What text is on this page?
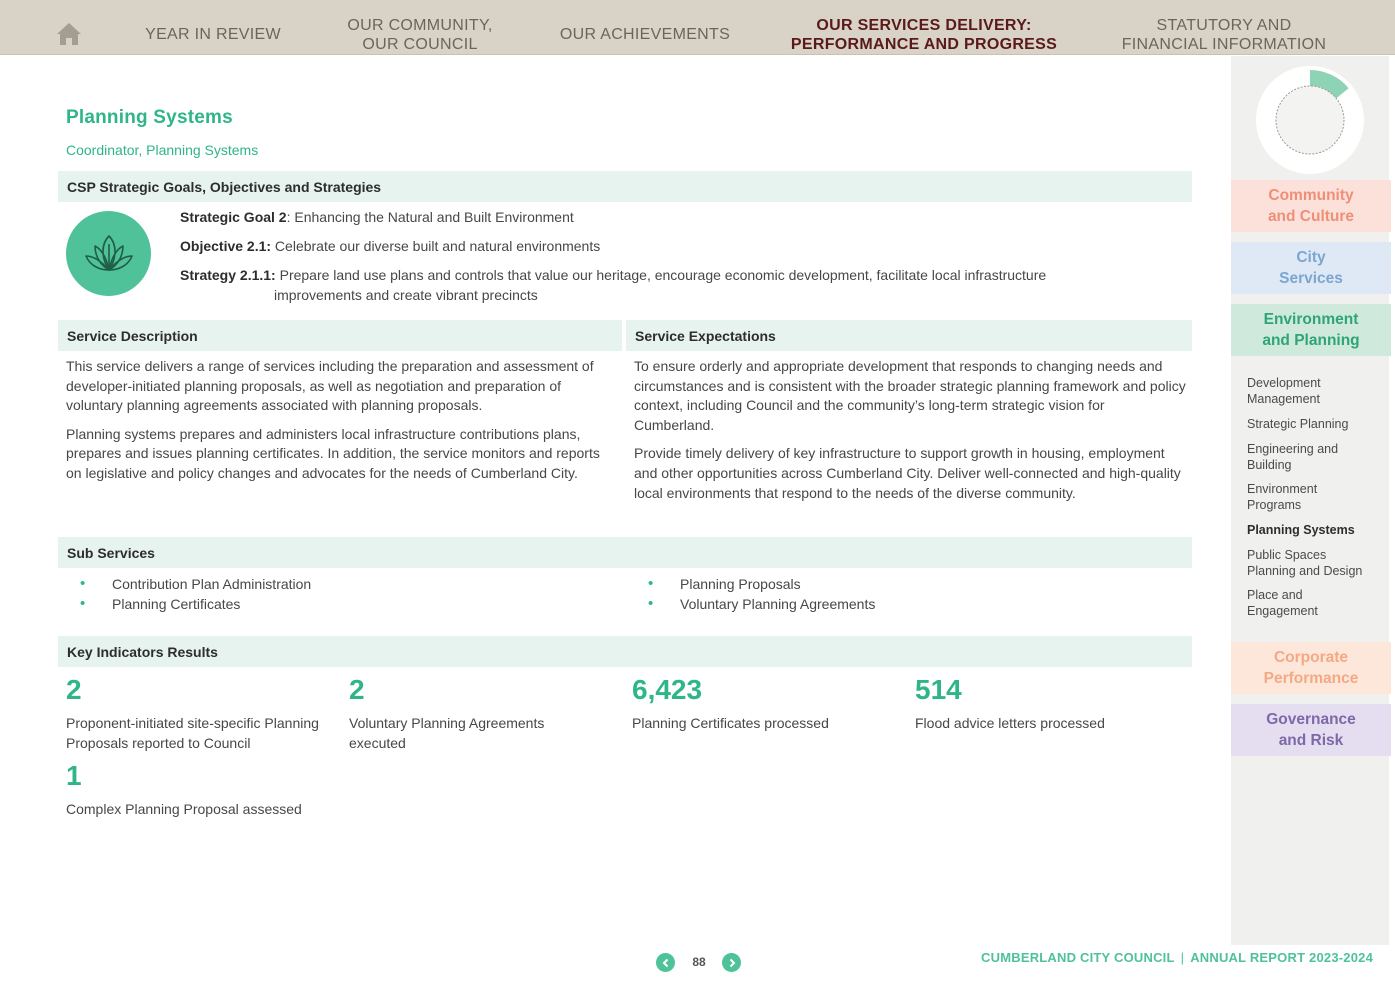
YEAR IN REVIEW
OUR COMMUNITY,
OUR COUNCIL
OUR ACHIEVEMENTS
OUR SERVICES DELIVERY:
PERFORMANCE AND PROGRESS
STATUTORY AND
FINANCIAL INFORMATION
Planning Systems
Coordinator, Planning Systems
CSP Strategic Goals, Objectives and Strategies
Strategic Goal 2: Enhancing the Natural and Built Environment
Objective 2.1: Celebrate our diverse built and natural environments
Strategy 2.1.1: Prepare land use plans and controls that value our heritage, encourage economic development, facilitate local infrastructure
improvements and create vibrant precincts
Service Description	Service Expectations

This service delivers a range of services including the preparation and assessment of developer-initiated planning proposals, as well as negotiation and preparation of voluntary planning agreements associated with planning proposals.

Planning systems prepares and administers local infrastructure contributions plans, prepares and issues planning certificates. In addition, the service monitors and reports on legislative and policy changes and advocates for the needs of Cumberland City.

To ensure orderly and appropriate development that responds to changing needs and circumstances and is consistent with the broader strategic planning framework and policy context, including Council and the community’s long-term strategic vision for Cumberland.

Provide timely delivery of key infrastructure to support growth in housing, employment and other opportunities across Cumberland City. Deliver well-connected and high-quality local environments that respond to the needs of the diverse community.

Sub Services
• Contribution Plan Administration
• Planning Certificates
• Planning Proposals
• Voluntary Planning Agreements
Key Indicators Results
2
Proponent-initiated site-specific Planning Proposals reported to Council
2
Voluntary Planning Agreements executed
6,423
Planning Certificates processed
514
Flood advice letters processed
1
Complex Planning Proposal assessed
Community
and Culture
City
Services
Environment
and Planning
Development
Management
Strategic Planning
Engineering and
Building
Environment
Programs
Planning Systems
Public Spaces
Planning and Design
Place and
Engagement
Corporate
Performance
Governance
and Risk
88	CUMBERLAND CITY COUNCIL | ANNUAL REPORT 2023-2024
